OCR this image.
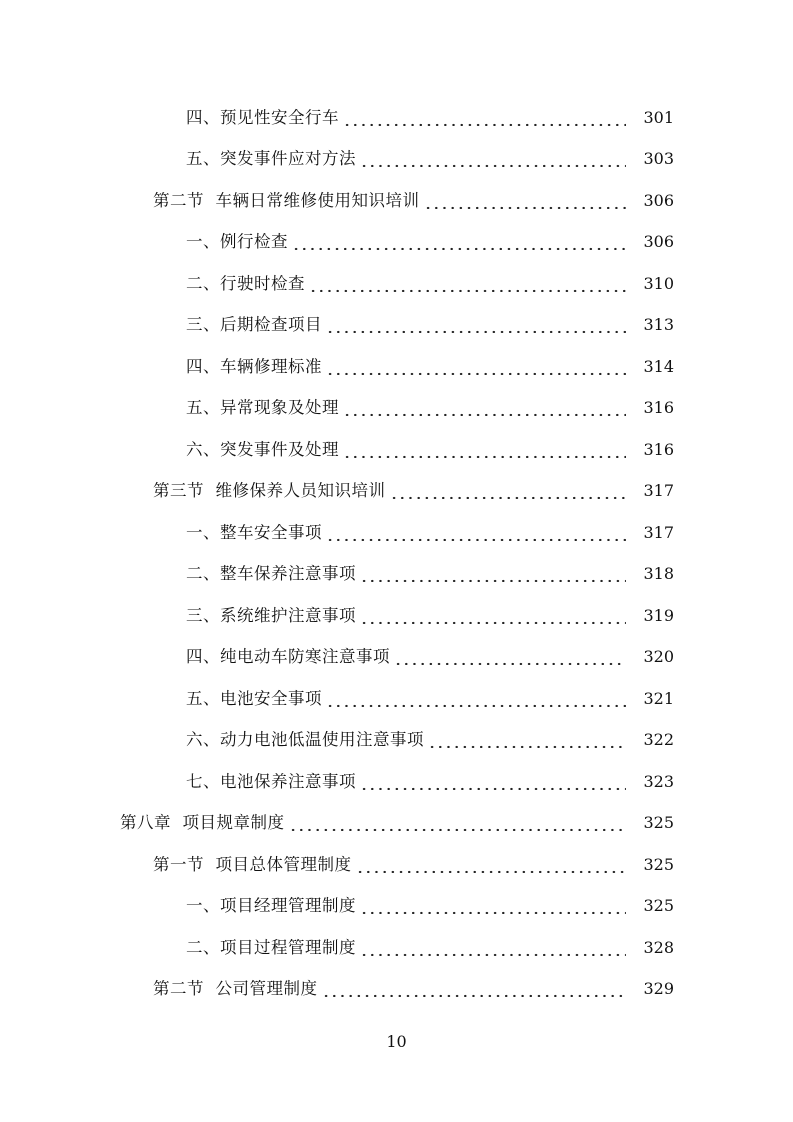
四、预见性安全行车	301
五、突发事件应对方法	303
第二节  车辆日常维修使用知识培训	306
一、例行检查	306
二、行驶时检查	310
三、后期检查项目	313
四、车辆修理标准	314
五、异常现象及处理	316
六、突发事件及处理	316
第三节  维修保养人员知识培训	317
一、整车安全事项	317
二、整车保养注意事项	318
三、系统维护注意事项	319
四、纯电动车防寒注意事项	320
五、电池安全事项	321
六、动力电池低温使用注意事项	322
七、电池保养注意事项	323
第八章  项目规章制度	325
第一节  项目总体管理制度	325
一、项目经理管理制度	325
二、项目过程管理制度	328
第二节  公司管理制度	329
10
